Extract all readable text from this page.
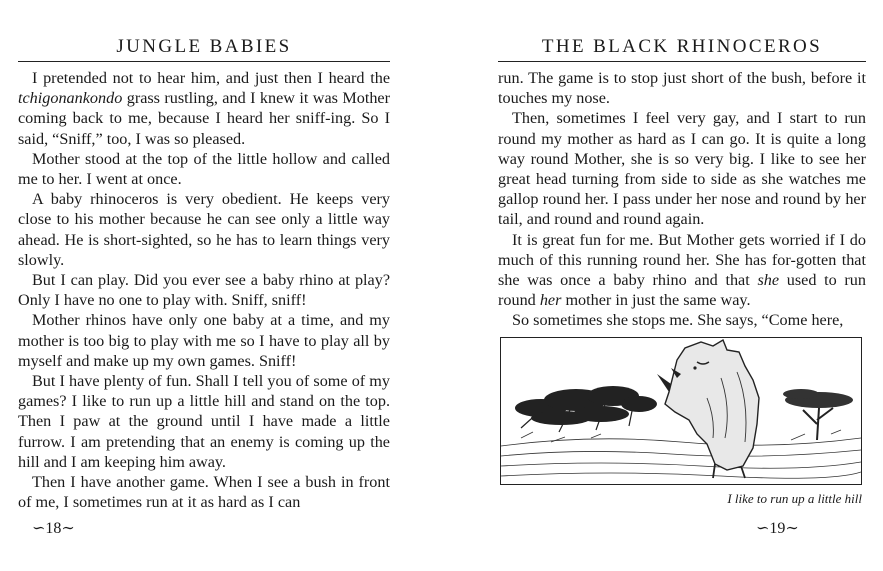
JUNGLE BABIES

I pretended not to hear him, and just then I heard the tchigonankondo grass rustling, and I knew it was Mother coming back to me, because I heard her sniff-ing. So I said, “Sniff,” too, I was so pleased.

Mother stood at the top of the little hollow and called me to her. I went at once.

A baby rhinoceros is very obedient. He keeps very close to his mother because he can see only a little way ahead. He is short-sighted, so he has to learn things very slowly.

But I can play. Did you ever see a baby rhino at play? Only I have no one to play with. Sniff, sniff!

Mother rhinos have only one baby at a time, and my mother is too big to play with me so I have to play all by myself and make up my own games. Sniff!

But I have plenty of fun. Shall I tell you of some of my games? I like to run up a little hill and stand on the top. Then I paw at the ground until I have made a little furrow. I am pretending that an enemy is coming up the hill and I am keeping him away.

Then I have another game. When I see a bush in front of me, I sometimes run at it as hard as I can

∽18∼
THE BLACK RHINOCEROS

run. The game is to stop just short of the bush, before it touches my nose.

Then, sometimes I feel very gay, and I start to run round my mother as hard as I can go. It is quite a long way round Mother, she is so very big. I like to see her great head turning from side to side as she watches me gallop round her. I pass under her nose and round by her tail, and round and round again.

It is great fun for me. But Mother gets worried if I do much of this running round her. She has for-gotten that she was once a baby rhino and that she used to run round her mother in just the same way.

So sometimes she stops me. She says, “Come here,

I like to run up a little hill
∽19∼
